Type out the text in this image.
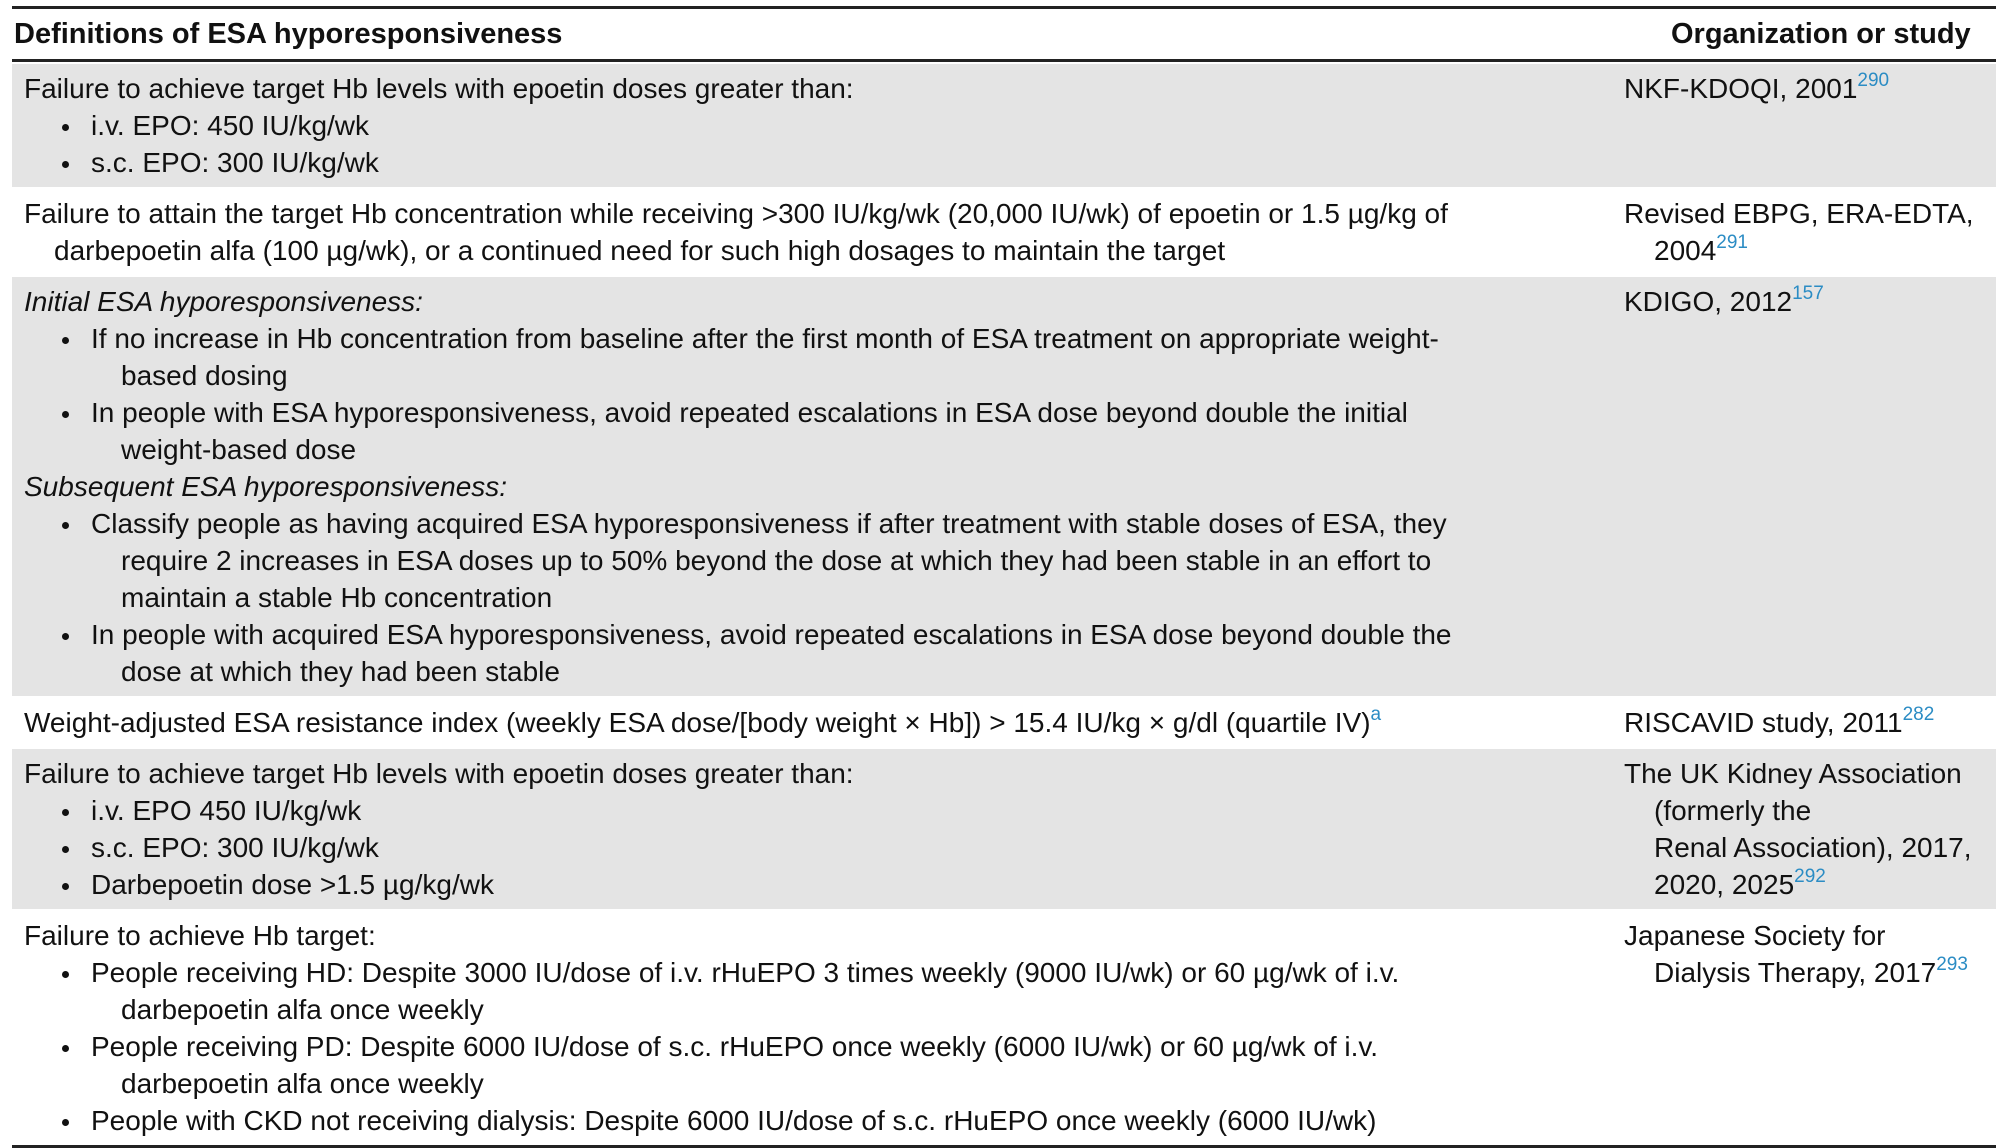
Definitions of ESA hyporesponsiveness	Organization or study
Failure to achieve target Hb levels with epoetin doses greater than:
i.v. EPO: 450 IU/kg/wk
s.c. EPO: 300 IU/kg/wk
NKF-KDOQI, 2001$^{290}$
Failure to attain the target Hb concentration while receiving >300 IU/kg/wk (20,000 IU/wk) of epoetin or 1.5 µg/kg of
darbepoetin alfa (100 µg/wk), or a continued need for such high dosages to maintain the target
Revised EBPG, ERA-EDTA,
2004$^{291}$
Initial ESA hyporesponsiveness:
If no increase in Hb concentration from baseline after the first month of ESA treatment on appropriate weight-
based dosing
In people with ESA hyporesponsiveness, avoid repeated escalations in ESA dose beyond double the initial
weight-based dose
Subsequent ESA hyporesponsiveness:
Classify people as having acquired ESA hyporesponsiveness if after treatment with stable doses of ESA, they
require 2 increases in ESA doses up to 50% beyond the dose at which they had been stable in an effort to
maintain a stable Hb concentration
In people with acquired ESA hyporesponsiveness, avoid repeated escalations in ESA dose beyond double the
dose at which they had been stable
KDIGO, 2012$^{157}$
Weight-adjusted ESA resistance index (weekly ESA dose/[body weight × Hb]) > 15.4 IU/kg × g/dl (quartile IV)$^a$	RISCAVID study, 2011$^{282}$
Failure to achieve target Hb levels with epoetin doses greater than:
i.v. EPO 450 IU/kg/wk
s.c. EPO: 300 IU/kg/wk
Darbepoetin dose >1.5 µg/kg/wk
The UK Kidney Association
(formerly the
Renal Association), 2017,
2020, 2025$^{292}$
Failure to achieve Hb target:
People receiving HD: Despite 3000 IU/dose of i.v. rHuEPO 3 times weekly (9000 IU/wk) or 60 µg/wk of i.v.
darbepoetin alfa once weekly
People receiving PD: Despite 6000 IU/dose of s.c. rHuEPO once weekly (6000 IU/wk) or 60 µg/wk of i.v.
darbepoetin alfa once weekly
People with CKD not receiving dialysis: Despite 6000 IU/dose of s.c. rHuEPO once weekly (6000 IU/wk)
Japanese Society for
Dialysis Therapy, 2017$^{293}$
